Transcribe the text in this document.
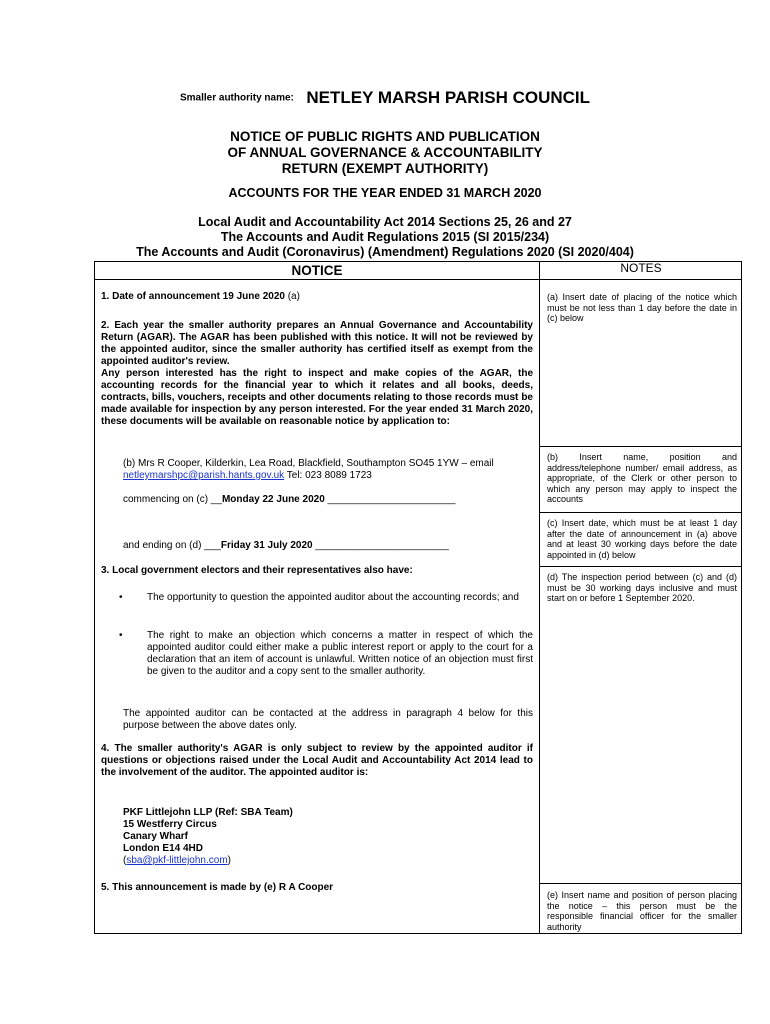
Smaller authority name: NETLEY MARSH PARISH COUNCIL
NOTICE OF PUBLIC RIGHTS AND PUBLICATION
OF ANNUAL GOVERNANCE & ACCOUNTABILITY
RETURN (EXEMPT AUTHORITY)
ACCOUNTS FOR THE YEAR ENDED 31 MARCH 2020
Local Audit and Accountability Act 2014 Sections 25, 26 and 27
The Accounts and Audit Regulations 2015 (SI 2015/234)
The Accounts and Audit (Coronavirus) (Amendment) Regulations 2020 (SI 2020/404)
NOTICE	NOTES
1. Date of announcement 19 June 2020 (a)
2. Each year the smaller authority prepares an Annual Governance and Accountability Return (AGAR). The AGAR has been published with this notice. It will not be reviewed by the appointed auditor, since the smaller authority has certified itself as exempt from the appointed auditor's review.
Any person interested has the right to inspect and make copies of the AGAR, the accounting records for the financial year to which it relates and all books, deeds, contracts, bills, vouchers, receipts and other documents relating to those records must be made available for inspection by any person interested. For the year ended 31 March 2020, these documents will be available on reasonable notice by application to:
(b) Mrs R Cooper, Kilderkin, Lea Road, Blackfield, Southampton SO45 1YW – email netleymarshpc@parish.hants.gov.uk Tel: 023 8089 1723
commencing on (c) __Monday 22 June 2020 _______________________
and ending on (d) ___Friday 31 July 2020 ________________________
3. Local government electors and their representatives also have:
• The opportunity to question the appointed auditor about the accounting records; and
• The right to make an objection which concerns a matter in respect of which the appointed auditor could either make a public interest report or apply to the court for a declaration that an item of account is unlawful. Written notice of an objection must first be given to the auditor and a copy sent to the smaller authority.
The appointed auditor can be contacted at the address in paragraph 4 below for this purpose between the above dates only.
4. The smaller authority's AGAR is only subject to review by the appointed auditor if questions or objections raised under the Local Audit and Accountability Act 2014 lead to the involvement of the auditor. The appointed auditor is:
PKF Littlejohn LLP (Ref: SBA Team)
15 Westferry Circus
Canary Wharf
London E14 4HD
(sba@pkf-littlejohn.com)
5. This announcement is made by (e) R A Cooper
(a) Insert date of placing of the notice which must be not less than 1 day before the date in (c) below
(b) Insert name, position and address/telephone number/ email address, as appropriate, of the Clerk or other person to which any person may apply to inspect the accounts
(c) Insert date, which must be at least 1 day after the date of announcement in (a) above and at least 30 working days before the date appointed in (d) below
(d) The inspection period between (c) and (d) must be 30 working days inclusive and must start on or before 1 September 2020.
(e) Insert name and position of person placing the notice – this person must be the responsible financial officer for the smaller authority
